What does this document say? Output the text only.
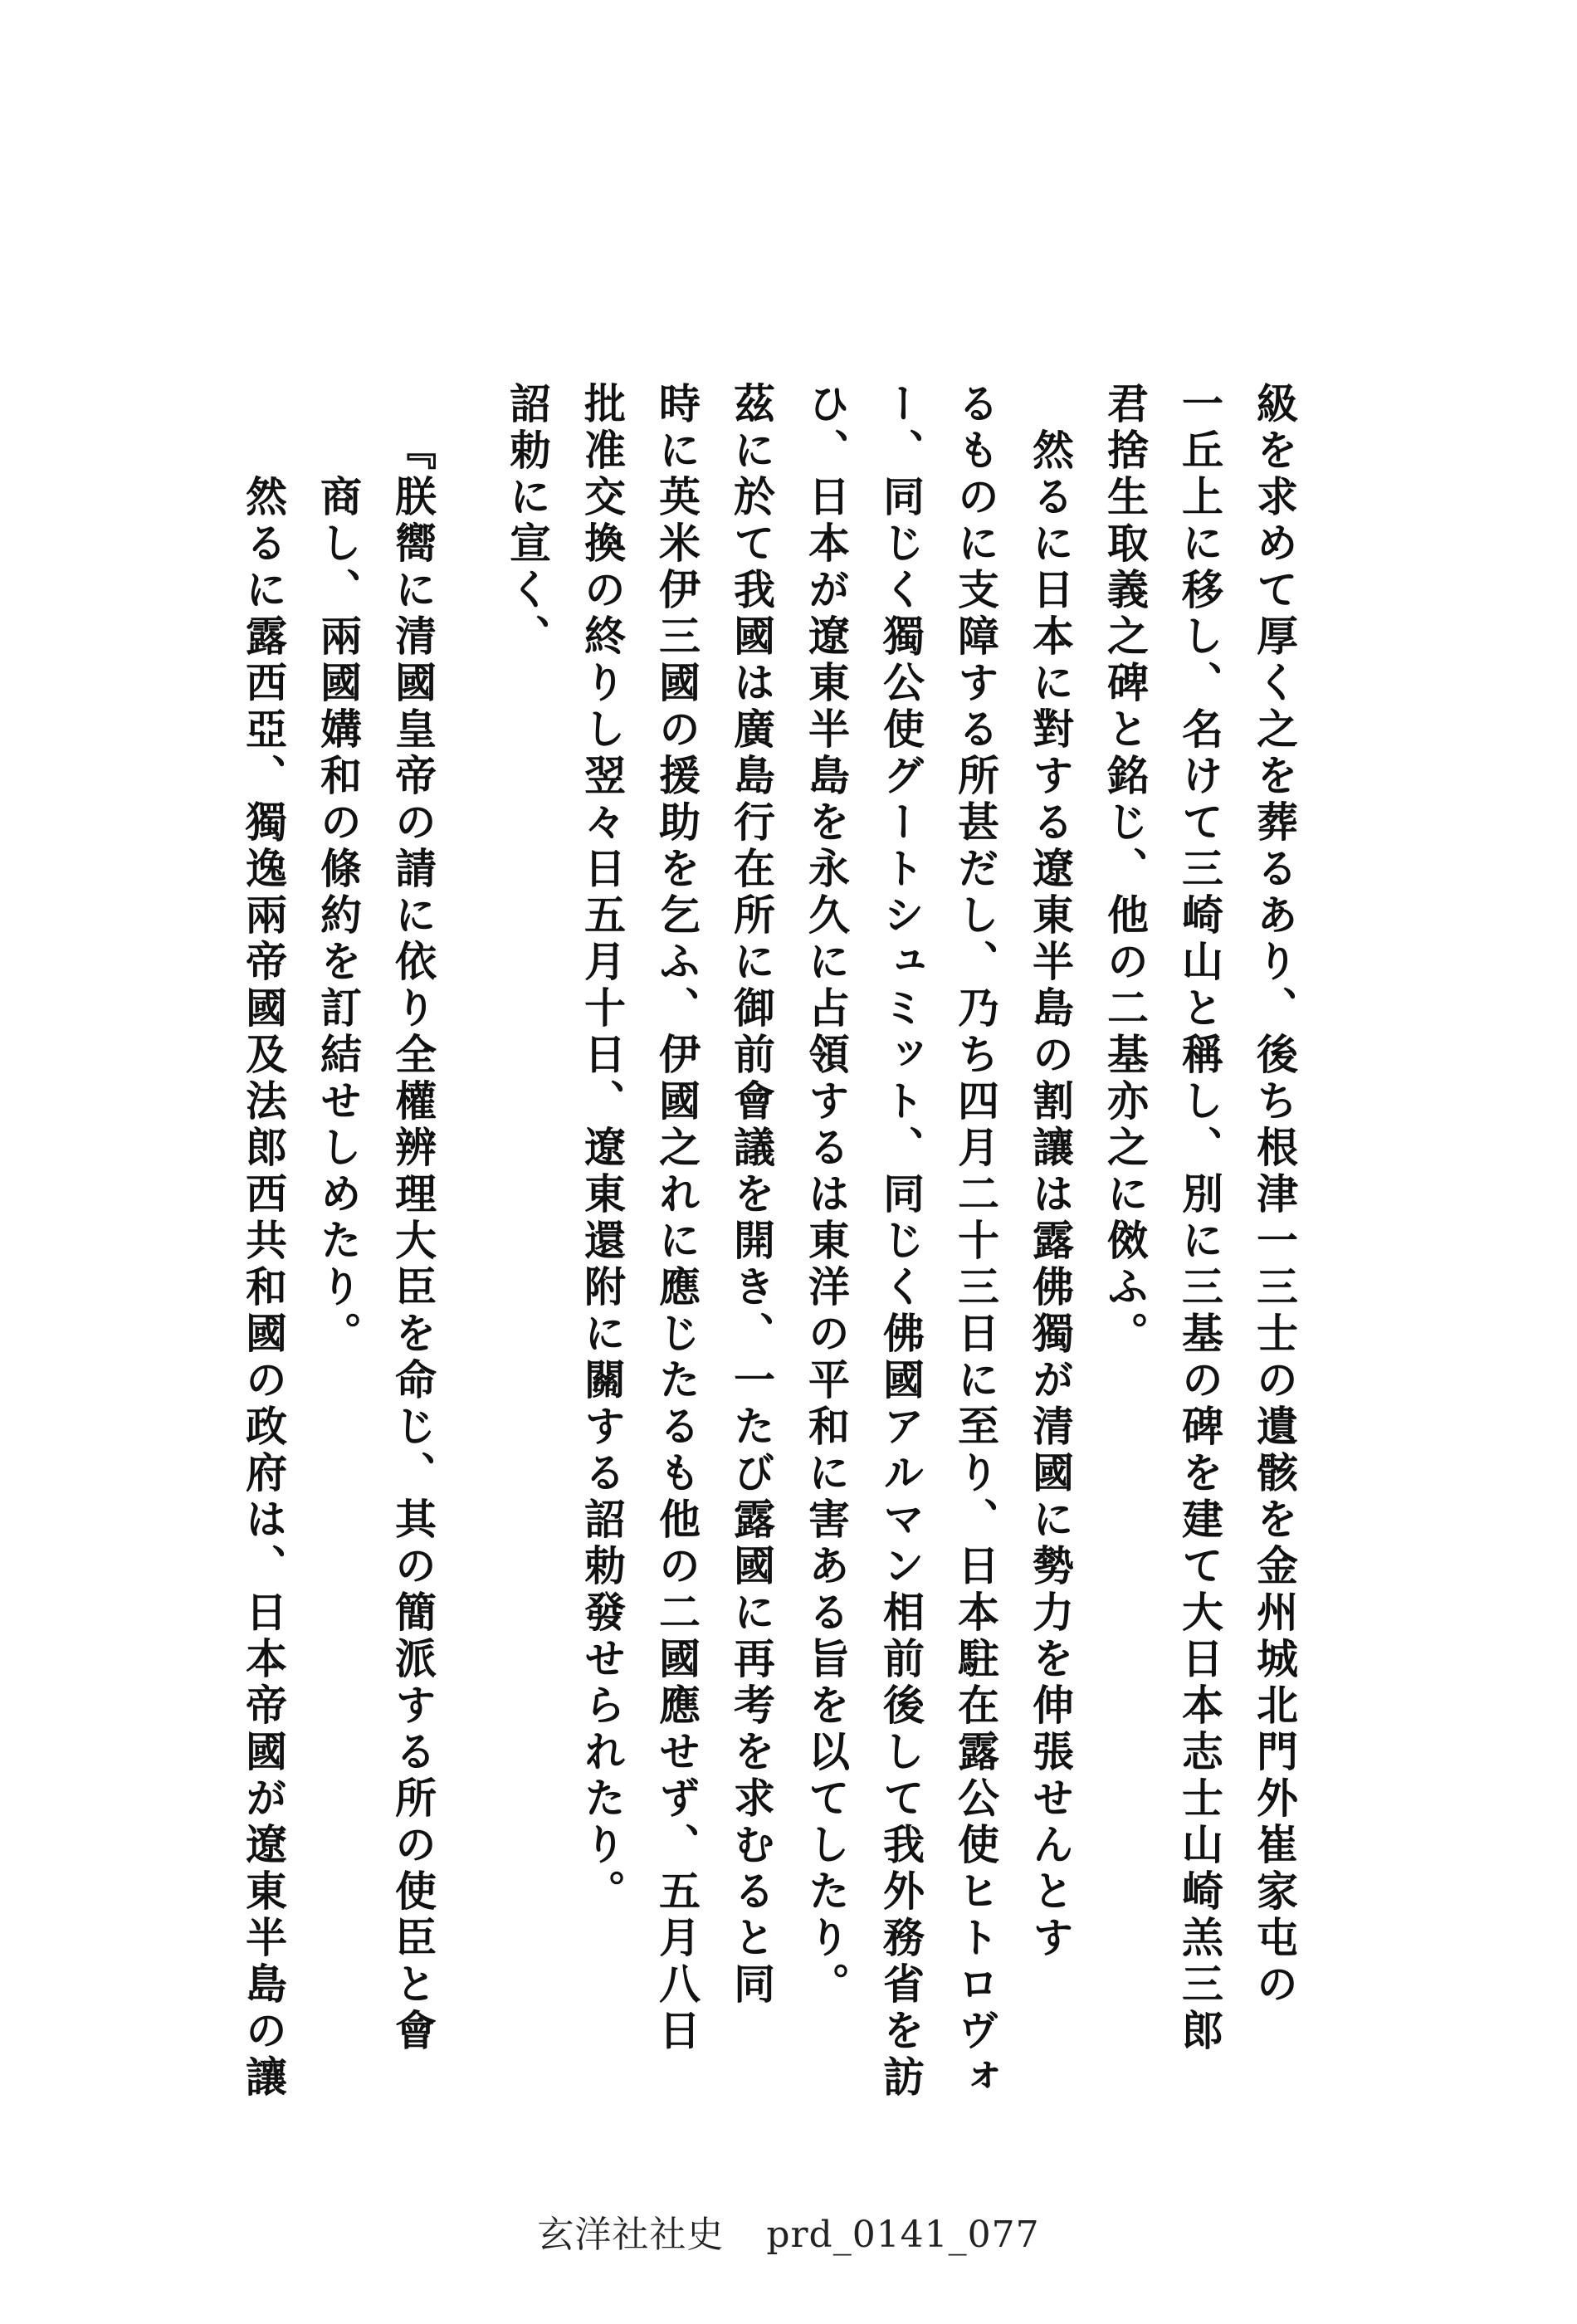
級を求めて厚く之を葬るあり、後ち根津一三士の遺骸を金州城北門外崔家屯の

一丘上に移し、名けて三崎山と稱し、別に三基の碑を建て大日本志士山崎羔三郎

君捨生取義之碑と銘じ、他の二基亦之に傚ふ。

然るに日本に對する遼東半島の割讓は露佛獨が清國に勢力を伸張せんとす

るものに支障する所甚だし、乃ち四月二十三日に至り、日本駐在露公使ヒトロヴォ

ー、同じく獨公使グートシュミット、同じく佛國アルマン相前後して我外務省を訪

ひ、日本が遼東半島を永久に占領するは東洋の平和に害ある旨を以てしたり。

茲に於て我國は廣島行在所に御前會議を開き、一たび露國に再考を求むると同

時に英米伊三國の援助を乞ふ、伊國之れに應じたるも他の二國應せず、五月八日

批准交換の終りし翌々日五月十日、遼東還附に關する詔勅發せられたり。

詔勅に宣く、

『朕嚮に清國皇帝の請に依り全權辨理大臣を命じ、其の簡派する所の使臣と會

商し、兩國媾和の條約を訂結せしめたり。

然るに露西亞、獨逸兩帝國及法郎西共和國の政府は、日本帝國が遼東半島の讓

玄洋社社史 prd_0141_077
